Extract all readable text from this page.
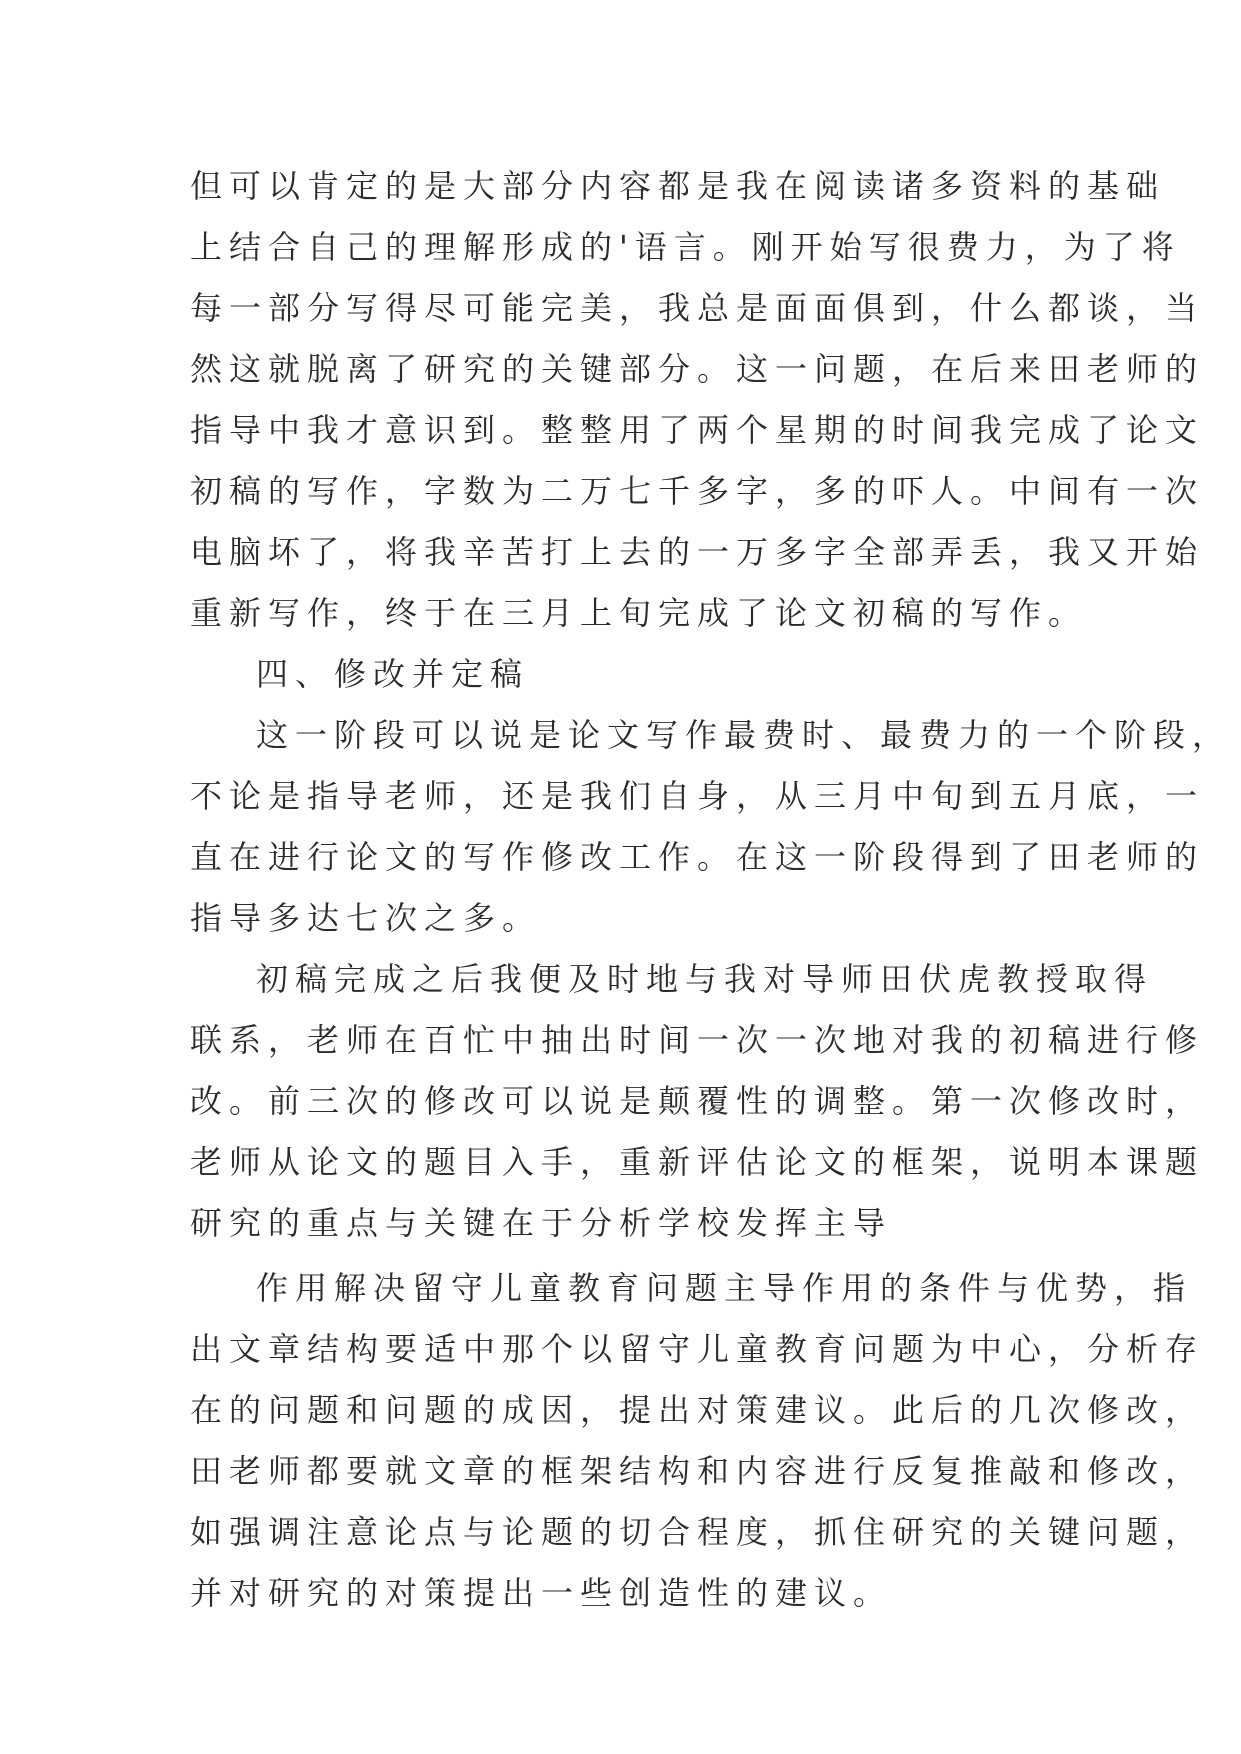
但可以肯定的是大部分内容都是我在阅读诸多资料的基础
上结合自己的理解形成的'语言。刚开始写很费力，为了将
每一部分写得尽可能完美，我总是面面俱到，什么都谈，当
然这就脱离了研究的关键部分。这一问题，在后来田老师的
指导中我才意识到。整整用了两个星期的时间我完成了论文
初稿的写作，字数为二万七千多字，多的吓人。中间有一次
电脑坏了，将我辛苦打上去的一万多字全部弄丢，我又开始
重新写作，终于在三月上旬完成了论文初稿的写作。
四、修改并定稿
这一阶段可以说是论文写作最费时、最费力的一个阶段，
不论是指导老师，还是我们自身，从三月中旬到五月底，一
直在进行论文的写作修改工作。在这一阶段得到了田老师的
指导多达七次之多。
初稿完成之后我便及时地与我对导师田伏虎教授取得
联系，老师在百忙中抽出时间一次一次地对我的初稿进行修
改。前三次的修改可以说是颠覆性的调整。第一次修改时，
老师从论文的题目入手，重新评估论文的框架，说明本课题
研究的重点与关键在于分析学校发挥主导
作用解决留守儿童教育问题主导作用的条件与优势，指
出文章结构要适中那个以留守儿童教育问题为中心，分析存
在的问题和问题的成因，提出对策建议。此后的几次修改，
田老师都要就文章的框架结构和内容进行反复推敲和修改，
如强调注意论点与论题的切合程度，抓住研究的关键问题，
并对研究的对策提出一些创造性的建议。
